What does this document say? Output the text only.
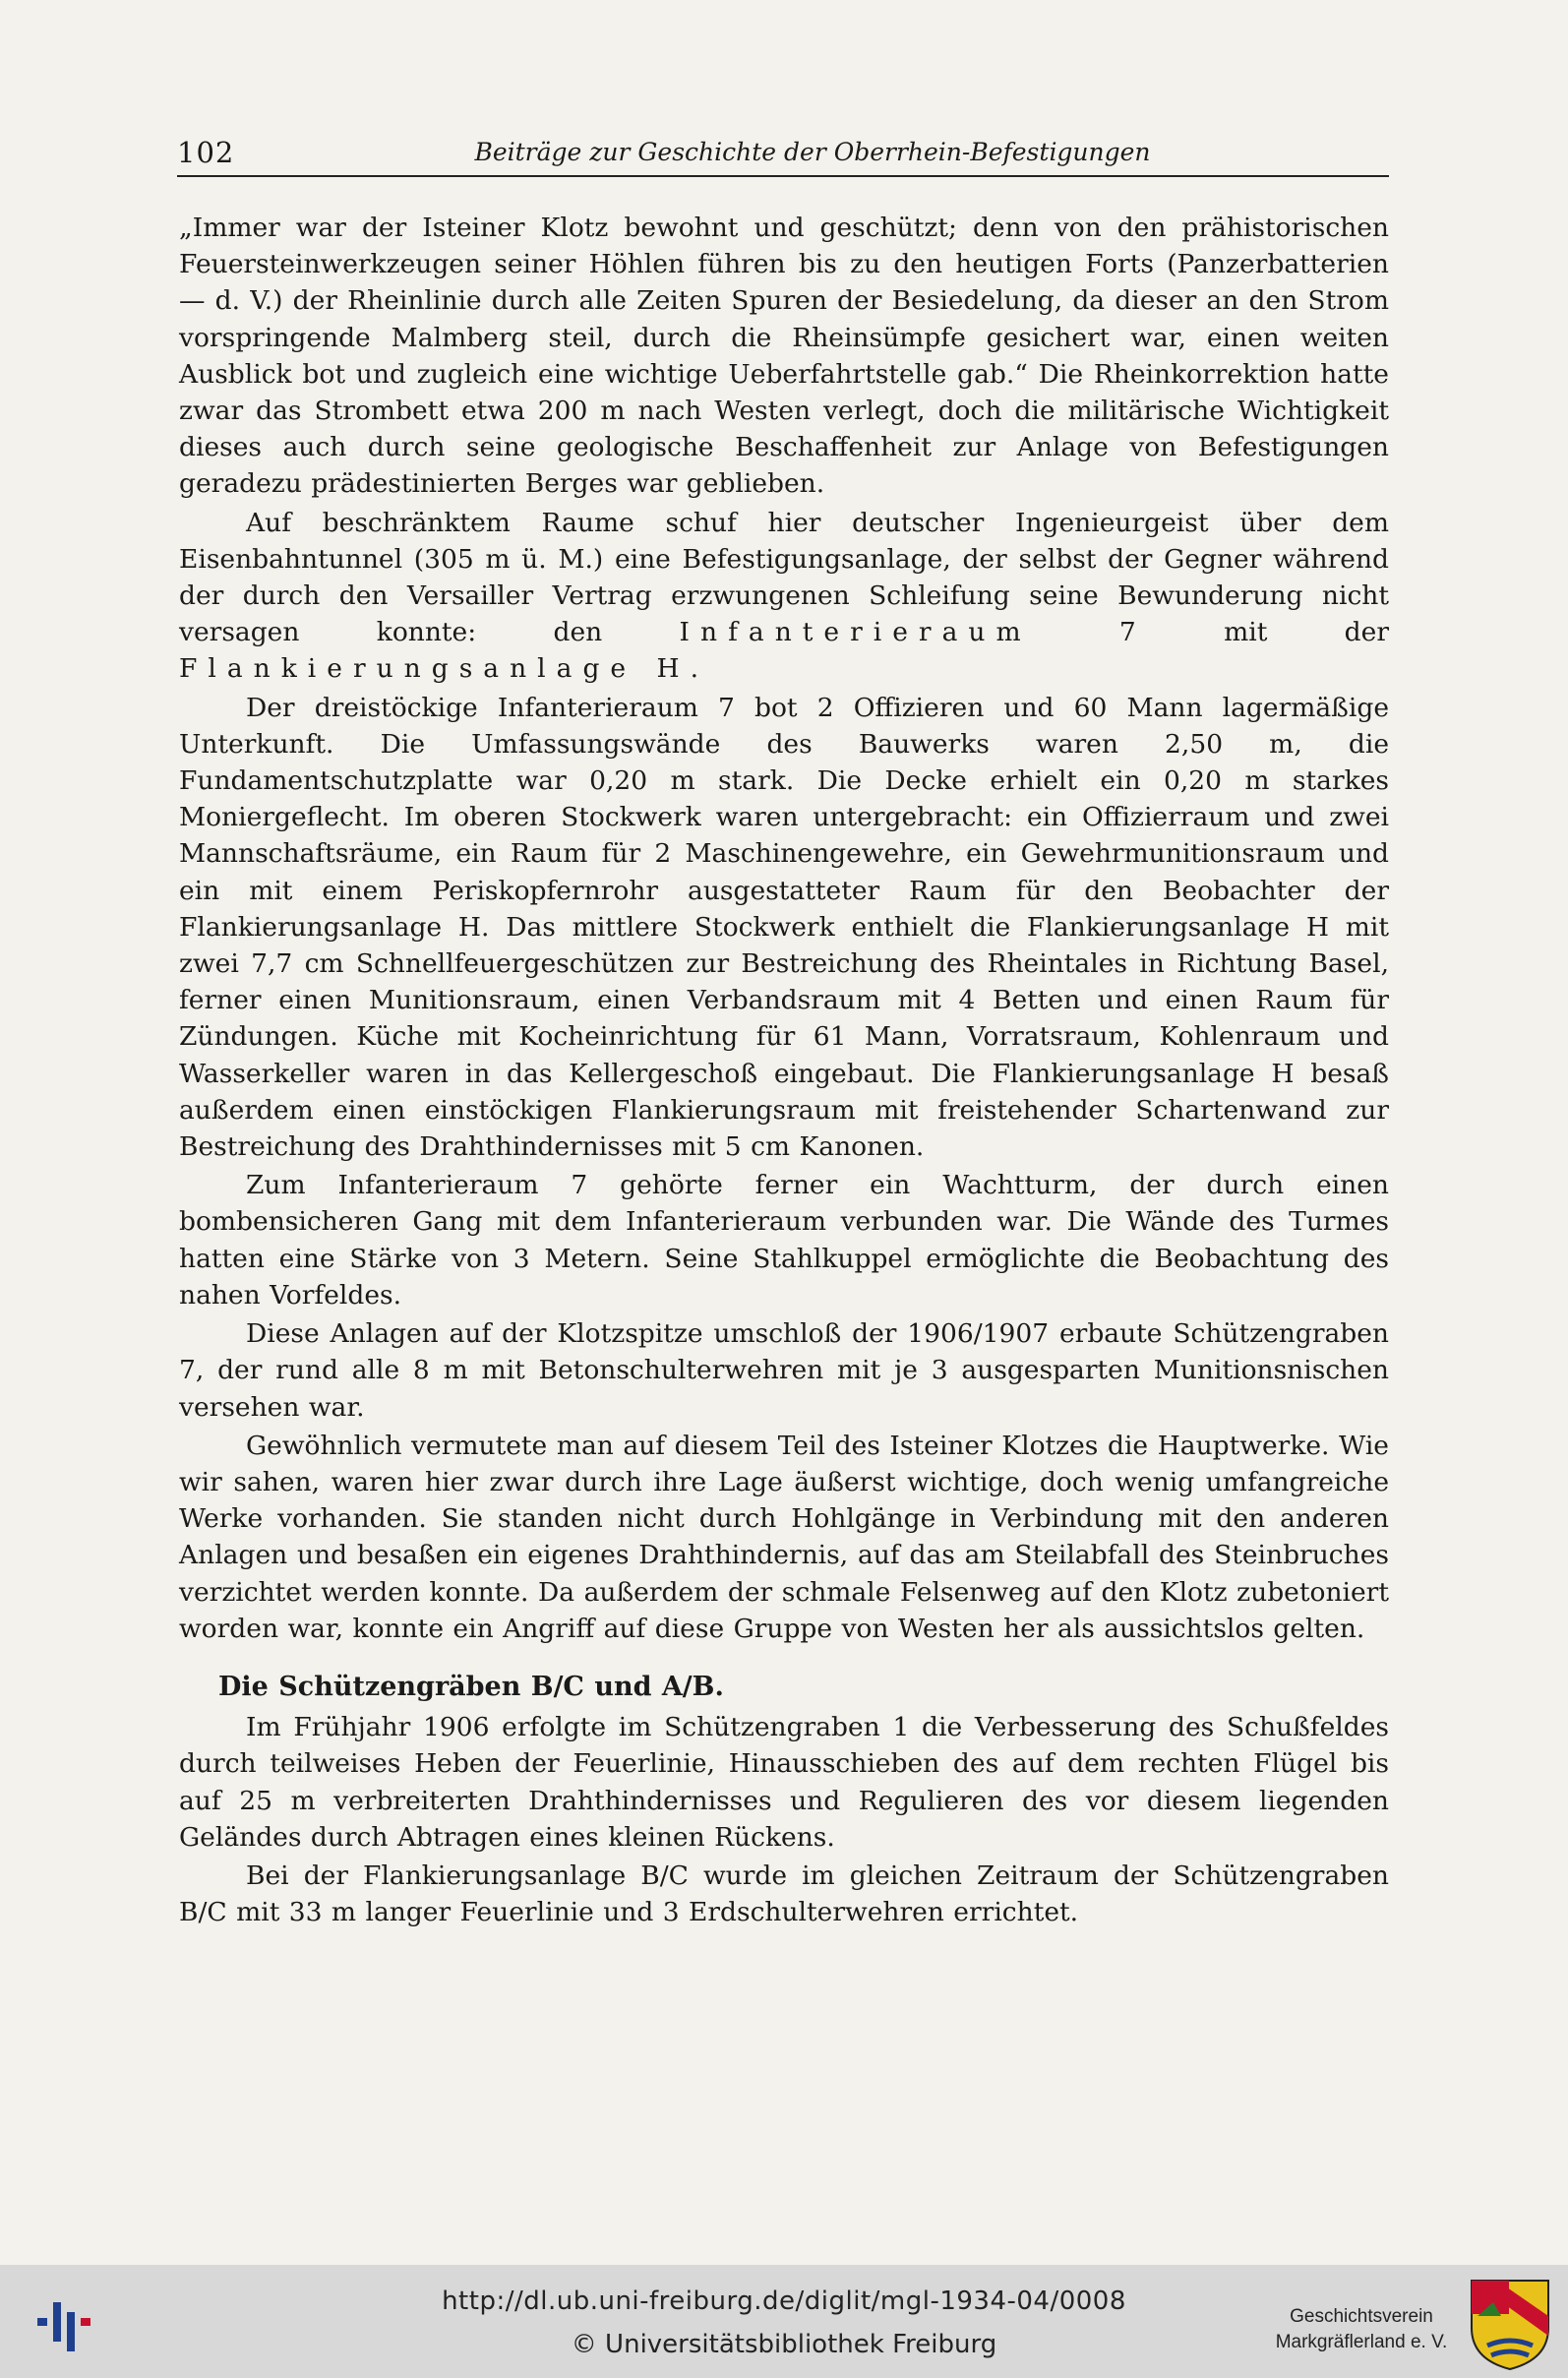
102	Beiträge zur Geschichte der Oberrhein-Befestigungen

„Immer war der Isteiner Klotz bewohnt und geschützt; denn von den prähistorischen Feuersteinwerkzeugen seiner Höhlen führen bis zu den heutigen Forts (Panzerbatterien — d. V.) der Rheinlinie durch alle Zeiten Spuren der Besiedelung, da dieser an den Strom vorspringende Malmberg steil, durch die Rheinsümpfe gesichert war, einen weiten Ausblick bot und zugleich eine wichtige Ueberfahrtstelle gab.“ Die Rheinkorrektion hatte zwar das Strombett etwa 200 m nach Westen verlegt, doch die militärische Wichtigkeit dieses auch durch seine geologische Beschaffenheit zur Anlage von Befestigungen geradezu prädestinierten Berges war geblieben.

Auf beschränktem Raume schuf hier deutscher Ingenieurgeist über dem Eisenbahntunnel (305 m ü. M.) eine Befestigungsanlage, der selbst der Gegner während der durch den Versailler Vertrag erzwungenen Schleifung seine Bewunderung nicht versagen konnte: den Infanterieraum 7 mit der Flankierungsanlage H.

Der dreistöckige Infanterieraum 7 bot 2 Offizieren und 60 Mann lagermäßige Unterkunft. Die Umfassungswände des Bauwerks waren 2,50 m, die Fundamentschutzplatte war 0,20 m stark. Die Decke erhielt ein 0,20 m starkes Moniergeflecht. Im oberen Stockwerk waren untergebracht: ein Offizierraum und zwei Mannschaftsräume, ein Raum für 2 Maschinengewehre, ein Gewehrmunitionsraum und ein mit einem Periskopfernrohr ausgestatteter Raum für den Beobachter der Flankierungsanlage H. Das mittlere Stockwerk enthielt die Flankierungsanlage H mit zwei 7,7 cm Schnellfeuergeschützen zur Bestreichung des Rheintales in Richtung Basel, ferner einen Munitionsraum, einen Verbandsraum mit 4 Betten und einen Raum für Zündungen. Küche mit Kocheinrichtung für 61 Mann, Vorratsraum, Kohlenraum und Wasserkeller waren in das Kellergeschoß eingebaut. Die Flankierungsanlage H besaß außerdem einen einstöckigen Flankierungsraum mit freistehender Schartenwand zur Bestreichung des Drahthindernisses mit 5 cm Kanonen.

Zum Infanterieraum 7 gehörte ferner ein Wachtturm, der durch einen bombensicheren Gang mit dem Infanterieraum verbunden war. Die Wände des Turmes hatten eine Stärke von 3 Metern. Seine Stahlkuppel ermöglichte die Beobachtung des nahen Vorfeldes.

Diese Anlagen auf der Klotzspitze umschloß der 1906/1907 erbaute Schützengraben 7, der rund alle 8 m mit Betonschulterwehren mit je 3 ausgesparten Munitionsnischen versehen war.

Gewöhnlich vermutete man auf diesem Teil des Isteiner Klotzes die Hauptwerke. Wie wir sahen, waren hier zwar durch ihre Lage äußerst wichtige, doch wenig umfangreiche Werke vorhanden. Sie standen nicht durch Hohlgänge in Verbindung mit den anderen Anlagen und besaßen ein eigenes Drahthindernis, auf das am Steilabfall des Steinbruches verzichtet werden konnte. Da außerdem der schmale Felsenweg auf den Klotz zubetoniert worden war, konnte ein Angriff auf diese Gruppe von Westen her als aussichtslos gelten.

Die Schützengräben B/C und A/B.

Im Frühjahr 1906 erfolgte im Schützengraben 1 die Verbesserung des Schußfeldes durch teilweises Heben der Feuerlinie, Hinausschieben des auf dem rechten Flügel bis auf 25 m verbreiterten Drahthindernisses und Regulieren des vor diesem liegenden Geländes durch Abtragen eines kleinen Rückens.

Bei der Flankierungsanlage B/C wurde im gleichen Zeitraum der Schützengraben B/C mit 33 m langer Feuerlinie und 3 Erdschulterwehren errichtet.

http://dl.ub.uni-freiburg.de/diglit/mgl-1934-04/0008
© Universitätsbibliothek Freiburg
Geschichtsverein
Markgräflerland e. V.
